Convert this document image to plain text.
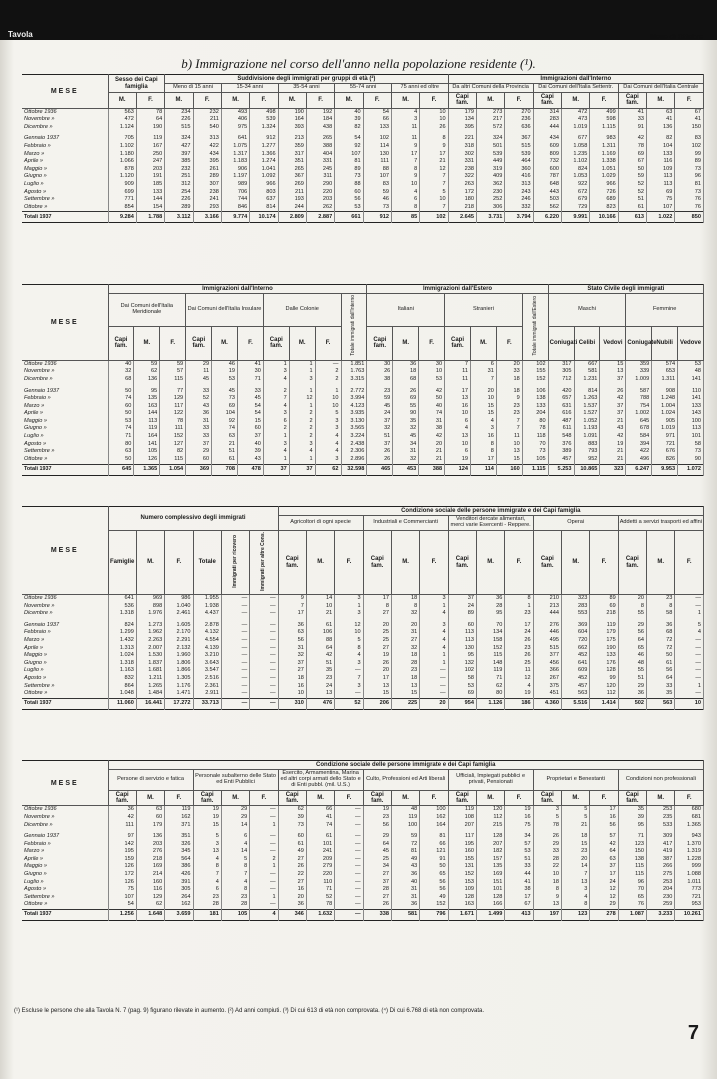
Tavola	Mese di Ottobre
b) Immigrazione nel corso dell'anno nella popolazione residente (¹).
MESE	Sesso dei Capi famiglia		Suddivisione degli immigrati per gruppi di età (²)										Immigrazioni dall'Interno								
			Meno di 15 anni		15-34 anni		35-54 anni		55-74 anni		75 anni ed oltre		Da altri Comuni della Provincia			Dai Comuni dell'Italia Settentr.			Dai Comuni dell'Italia Centrale		
	M.	F.	M.	F.	M.	F.	M.	F.	M.	F.	M.	F.	Capi fam.	M.	F.	Capi fam.	M.	F.	Capi fam.	M.	F.
Ottobre 1936	563	78	234	232	493	498	190	192	40	54	4	10	179	273	270	314	472	499	41	63	67
Novembre »	472	64	226	211	406	539	164	184	39	66	3	10	134	217	236	283	473	598	33	41	41
Dicembre »	1.124	190	515	540	975	1.324	393	438	82	133	11	26	395	572	636	444	1.019	1.115	91	136	150

Gennaio 1937	705	119	324	313	641	912	213	265	54	102	11	8	221	324	367	434	677	983	42	82	83
Febbraio »	1.102	167	427	422	1.075	1.277	359	388	92	114	9	9	318	501	515	609	1.058	1.311	78	104	102
Marzo »	1.180	250	397	434	1.317	1.366	317	404	107	130	17	17	302	539	539	809	1.235	1.169	69	133	99
Aprile »	1.066	247	385	395	1.183	1.274	351	331	81	111	7	21	331	449	464	732	1.102	1.338	67	116	89
Maggio »	878	203	232	261	906	1.041	265	245	89	88	8	12	238	319	360	600	824	1.051	50	109	73
Giugno »	1.120	191	251	289	1.197	1.092	367	311	73	107	9	7	322	409	416	787	1.053	1.029	59	113	96
Luglio »	909	185	312	307	989	966	269	290	88	83	10	7	263	362	313	648	922	966	52	113	81
Agosto »	699	133	254	238	706	803	211	220	60	59	4	5	172	230	243	443	672	726	52	69	73
Settembre »	771	144	226	241	744	637	193	203	56	46	6	10	180	252	246	503	679	689	51	75	76
Ottobre »	854	154	289	293	846	814	244	262	53	73	8	7	218	306	332	562	729	823	61	107	76
Totali 1937	9.284	1.788	3.112	3.166	9.774	10.174	2.809	2.887	661	912	85	102	2.645	3.731	3.794	6.220	9.991	10.166	613	1.022	850
MESE	Immigrazioni dall'Interno										Immigrazioni dall'Estero							Stato Civile degli immigrati					
	Dai Comuni dell'Italia Meridionale			Dai Comuni dell'Italia Insulare			Dalle Colonie			Totale immigrati dall'Interno	Italiani			Stranieri			Totale immigrati dall'Estero	Maschi			Femmine		
	Capi fam.	M.	F.	Capi fam.	M.	F.	Capi fam.	M.	F.		Capi fam.	M.	F.	Capi fam.	M.	F.		Coniugati	Celibi	Vedovi	Coniugate	Nubili	Vedove
Ottobre 1936	40	59	59	29	46	41	1	1	—	1.851	30	36	30	7	6	20	102	317	667	15	359	574	53
Novembre »	32	62	57	11	19	30	3	1	2	1.763	26	18	10	11	31	33	155	305	581	13	339	653	48
Dicembre »	68	136	115	45	53	71	4	3	2	3.315	38	68	53	11	7	18	152	712	1.231	37	1.009	1.311	141

Gennaio 1937	50	95	77	33	45	33	2	1	1	2.772	23	26	42	17	20	18	106	420	814	26	587	908	110
Febbraio »	74	135	129	52	73	45	7	12	10	3.994	59	69	50	13	10	9	138	657	1.263	42	788	1.248	141
Marzo »	60	163	117	43	69	54	4	1	10	4.123	45	55	40	16	15	23	133	631	1.537	37	754	1.004	133
Aprile »	50	144	122	36	104	54	3	2	5	3.935	24	90	74	10	15	23	204	616	1.527	37	1.002	1.024	143
Maggio »	53	113	78	31	92	15	6	2	3	3.130	37	35	31	6	4	7	80	487	1.052	21	645	905	100
Giugno »	74	119	111	33	74	60	2	2	3	3.565	32	32	38	4	3	7	78	611	1.193	43	678	1.019	113
Luglio »	71	164	152	33	63	37	1	2	4	3.224	51	45	42	13	16	11	118	548	1.091	42	584	971	101
Agosto »	80	141	127	37	21	40	3	3	4	2.438	37	34	20	10	8	10	70	376	883	19	394	721	58
Settembre »	63	105	82	29	51	39	4	4	4	2.306	26	31	21	6	8	13	73	389	793	21	422	676	73
Ottobre »	50	126	115	60	61	43	1	1	3	2.896	26	32	21	19	17	15	105	457	952	21	496	826	90
Totali 1937	645	1.365	1.054	369	708	478	37	37	62	32.598	465	453	388	124	114	160	1.115	5.253	10.865	323	6.247	9.953	1.072
MESE	Numero complessivo degli immigrati						Condizione sociale delle persone immigrate e dei Capi famiglia														
							Agricoltori di ogni specie			Industriali e Commercianti			Venditori dercate alimentari, merci varie Esercenti - Reppere.			Operai			Addetti a servizi trasporti ed affini		
	Famiglie	M.	F.	Totale	Immigrati per ricovero	Immigrati per altre Cons.	Capi fam.	M.	F.	Capi fam.	M.	F.	Capi fam.	M.	F.	Capi fam.	M.	F.	Capi fam.	M.	F.
Ottobre 1936	641	969	986	1.955	—	—	9	14	3	17	18	3	37	36	8	210	323	89	20	23	—
Novembre »	536	898	1.040	1.938	—	—	7	10	1	8	8	1	24	28	1	213	283	69	8	8	—
Dicembre »	1.318	1.976	2.461	4.437	—	—	17	21	3	27	32	4	89	95	23	444	553	218	55	58	1

Gennaio 1937	824	1.273	1.605	2.878	—	—	36	61	12	20	20	3	60	70	17	276	369	119	29	36	5
Febbraio »	1.299	1.962	2.170	4.132	—	—	63	106	10	25	31	4	113	134	24	446	604	179	56	68	4
Marzo »	1.432	2.263	2.291	4.554	—	—	56	88	5	25	27	4	113	158	26	495	720	175	64	72	—
Aprile »	1.313	2.007	2.132	4.139	—	—	31	64	8	27	32	4	130	152	23	515	662	190	65	72	—
Maggio »	1.024	1.530	1.960	3.210	—	—	32	42	4	19	18	1	95	115	26	377	452	133	46	50	—
Giugno »	1.318	1.837	1.806	3.643	—	—	37	51	3	26	28	1	132	148	25	456	641	176	48	61	—
Luglio »	1.163	1.681	1.866	3.547	—	—	27	35	—	20	23	—	102	119	11	366	609	128	55	56	—
Agosto »	832	1.211	1.305	2.516	—	—	18	23	7	17	18	—	58	71	12	267	452	99	51	64	—
Settembre »	864	1.265	1.176	2.361	—	—	16	24	3	13	13	—	53	62	4	375	457	120	29	33	1
Ottobre »	1.048	1.484	1.471	2.911	—	—	10	13	—	15	15	—	69	80	19	451	563	112	36	35	—
Totali 1937	11.060	16.441	17.272	33.713	—	—	310	476	52	206	225	20	954	1.126	186	4.360	5.516	1.414	502	563	10
MESE	Condizione sociale delle persone immigrate e dei Capi famiglia																				
	Persone di servizio e fatica			Personale subalterno delle Stato ed Enti Pubblici			Esercito, Armamentina, Marina ed altri corpi armati dello Stato e di Enti pubbl. (mil. U.S.)			Culto, Professioni ed Arti liberali			Ufficiali, Impiegati pubblici e privati, Pensionati			Proprietari e Benestanti			Condizioni non professionali		
	Capi fam.	M.	F.	Capi fam.	M.	F.	Capi fam.	M.	F.	Capi fam.	M.	F.	Capi fam.	M.	F.	Capi fam.	M.	F.	Capi fam.	M.	F.
Ottobre 1936	36	63	119	19	29	—	62	66	—	19	48	100	119	120	19	3	5	17	35	253	680
Novembre »	42	60	162	19	29	—	39	41	—	23	119	162	108	112	16	5	5	16	39	235	681
Dicembre »	111	179	371	15	14	1	73	74	—	56	100	164	207	215	75	78	21	56	95	533	1.365

Gennaio 1937	97	136	351	5	6	—	60	61	—	29	59	81	117	128	34	26	18	57	71	309	943
Febbraio »	142	203	326	3	4	—	61	101	—	64	72	66	195	207	57	29	15	42	123	417	1.370
Marzo »	195	276	345	13	14	—	49	241	—	45	81	121	160	182	53	33	23	64	150	419	1.319
Aprile »	159	218	564	4	5	2	27	209	—	25	49	91	155	157	51	28	20	63	138	387	1.228
Maggio »	126	169	386	8	8	1	26	279	—	34	43	50	131	135	33	22	14	37	115	266	999
Giugno »	172	214	426	7	7	—	22	220	—	27	36	65	152	169	44	10	7	17	115	275	1.088
Luglio »	126	160	391	4	4	—	27	110	—	37	40	56	153	151	41	18	13	24	96	253	1.011
Agosto »	75	116	305	6	8	—	16	71	—	28	31	56	109	101	38	8	3	12	70	204	773
Settembre »	107	129	264	23	23	1	20	52	—	27	31	49	128	128	17	9	4	12	65	230	721
Ottobre »	54	62	162	28	28	—	36	78	—	26	36	152	163	166	67	13	8	29	76	259	953
Totali 1937	1.256	1.648	3.659	181	105	4	346	1.632	—	338	581	796	1.671	1.499	413	197	123	278	1.087	3.233	10.261
(¹) Escluse le persone che alla Tavola N. 7 (pag. 9) figurano rilevate in aumento. (²) Ad anni compiuti. (³) Di cui 613 di età non comprovata. (⁴) Di cui 6.768 di età non comprovata.
7
